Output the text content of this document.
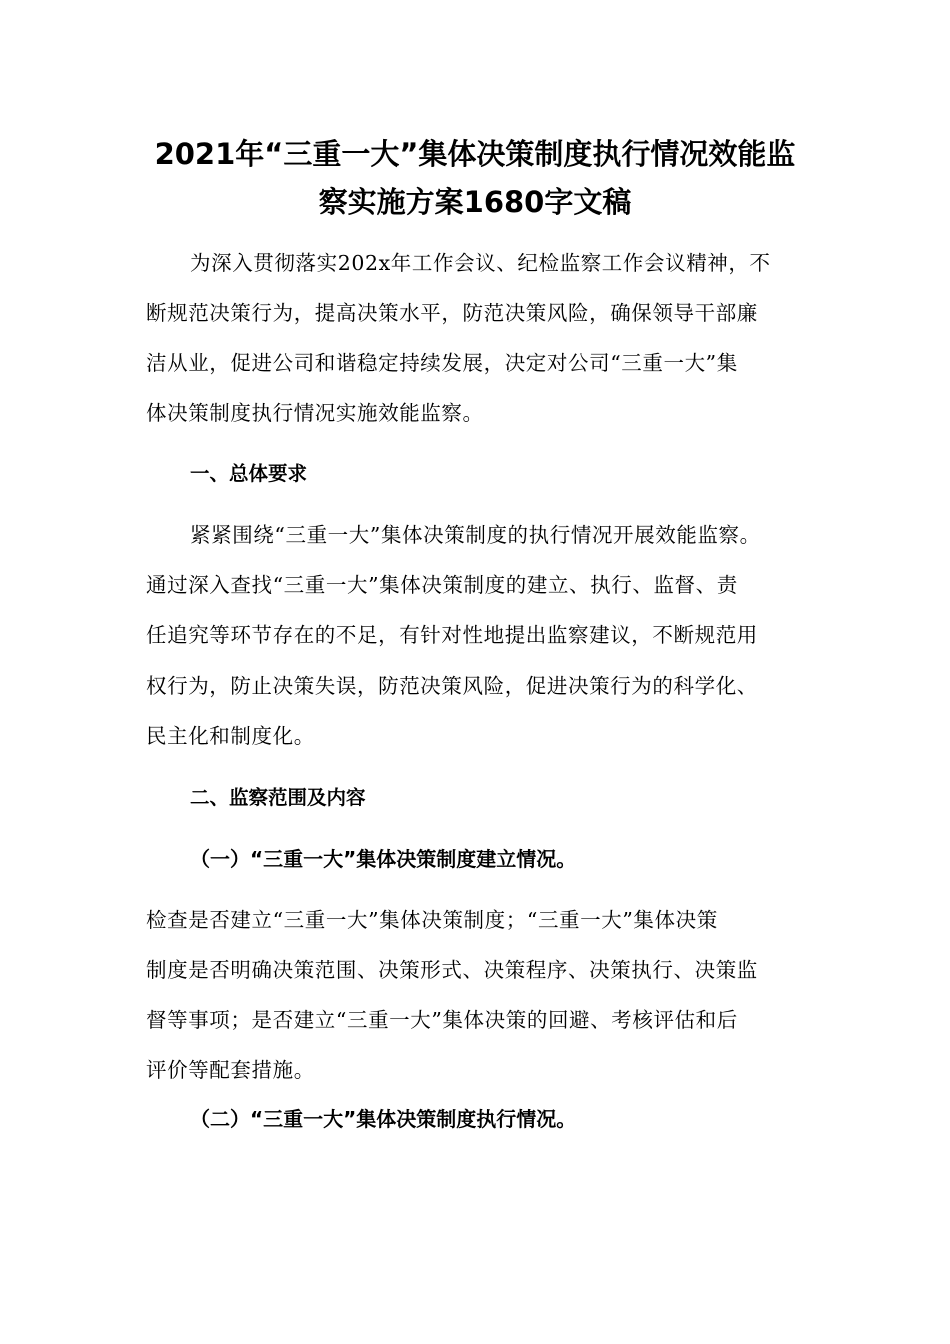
2021年“三重一大”集体决策制度执行情况效能监
察实施方案1680字文稿
为深入贯彻落实202x年工作会议、纪检监察工作会议精神，不
断规范决策行为，提高决策水平，防范决策风险，确保领导干部廉
洁从业，促进公司和谐稳定持续发展，决定对公司“三重一大”集
体决策制度执行情况实施效能监察。
一、总体要求
紧紧围绕“三重一大”集体决策制度的执行情况开展效能监察。
通过深入查找“三重一大”集体决策制度的建立、执行、监督、责
任追究等环节存在的不足，有针对性地提出监察建议，不断规范用
权行为，防止决策失误，防范决策风险，促进决策行为的科学化、
民主化和制度化。
二、监察范围及内容
（一）“三重一大”集体决策制度建立情况。
检查是否建立“三重一大”集体决策制度；“三重一大”集体决策
制度是否明确决策范围、决策形式、决策程序、决策执行、决策监
督等事项；是否建立“三重一大”集体决策的回避、考核评估和后
评价等配套措施。
（二）“三重一大”集体决策制度执行情况。
